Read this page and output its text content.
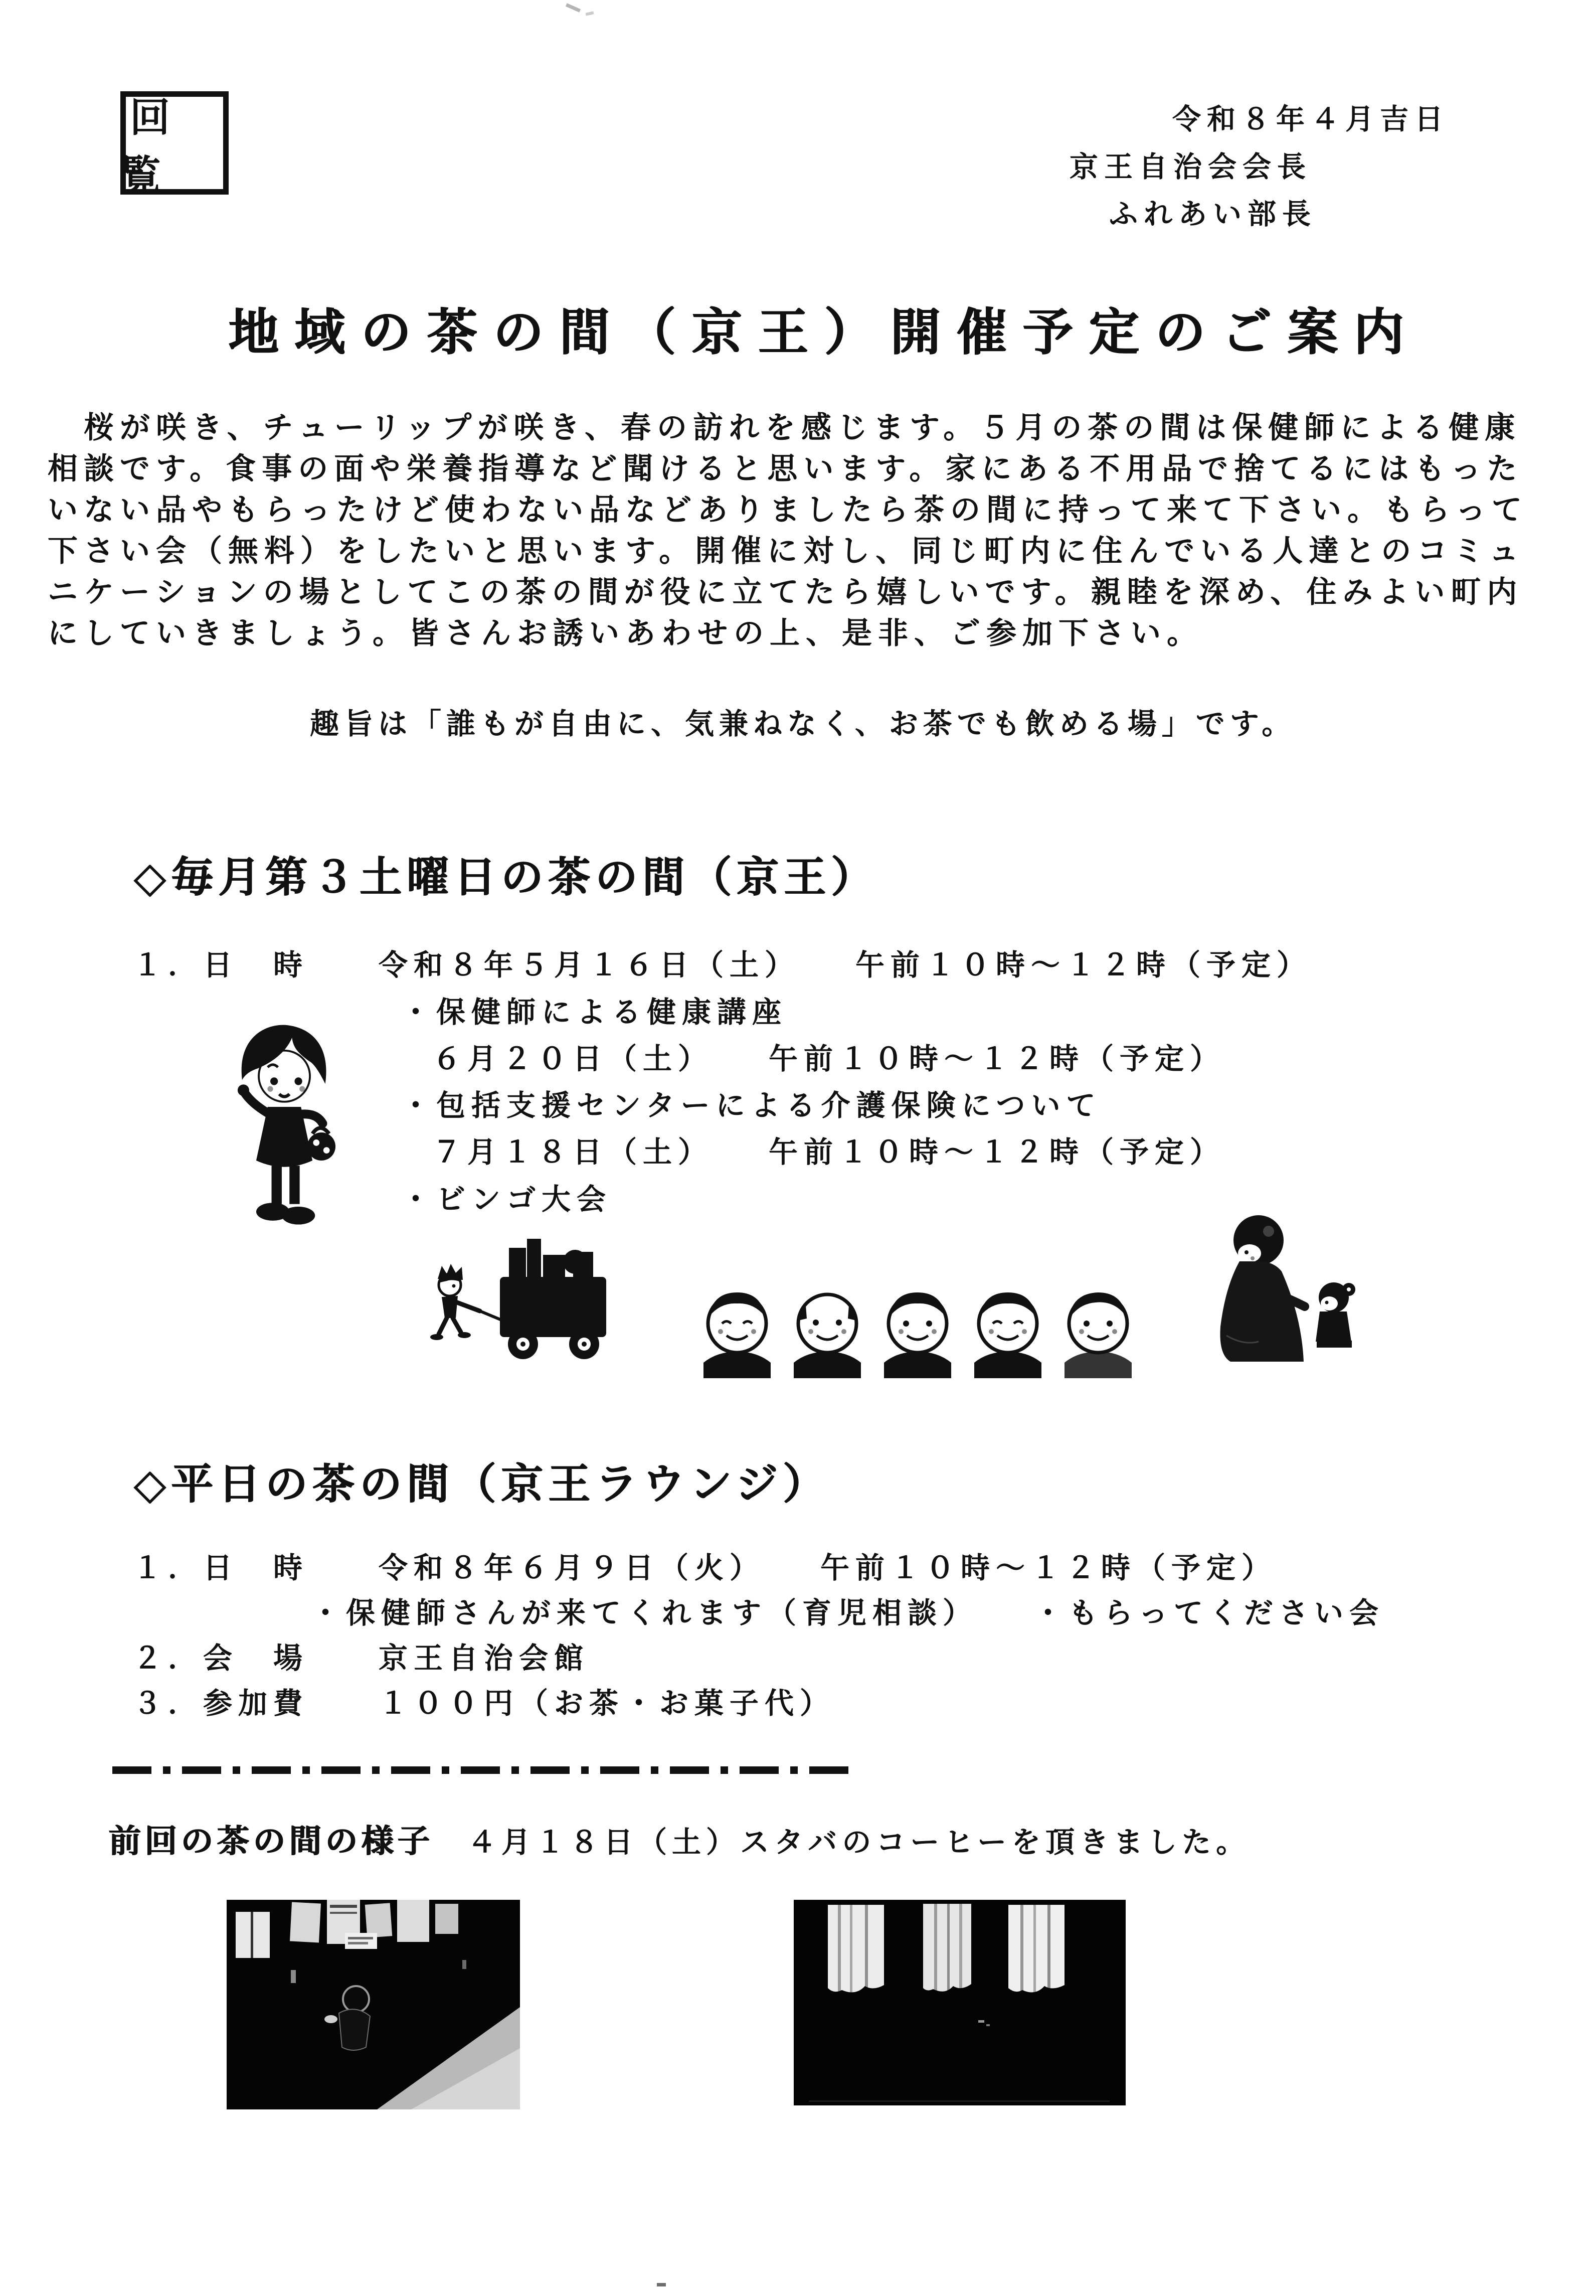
回　覧
令和８年４月吉日
京王自治会会長
ふれあい部長
地域の茶の間（京王）開催予定のご案内
　桜が咲き、チューリップが咲き、春の訪れを感じます。５月の茶の間は保健師による健康
相談です。食事の面や栄養指導など聞けると思います。家にある不用品で捨てるにはもった
いない品やもらったけど使わない品などありましたら茶の間に持って来て下さい。もらって
下さい会（無料）をしたいと思います。開催に対し、同じ町内に住んでいる人達とのコミュ
ニケーションの場としてこの茶の間が役に立てたら嬉しいです。親睦を深め、住みよい町内
にしていきましょう。皆さんお誘いあわせの上、是非、ご参加下さい。
趣旨は「誰もが自由に、気兼ねなく、お茶でも飲める場」です。
◇毎月第３土曜日の茶の間（京王）
１．日　時　　令和８年５月１６日（土）　　午前１０時〜１２時（予定）
・保健師による健康講座
６月２０日（土）　　午前１０時〜１２時（予定）
・包括支援センターによる介護保険について
７月１８日（土）　　午前１０時〜１２時（予定）
・ビンゴ大会
◇平日の茶の間（京王ラウンジ）
１．日　時　　令和８年６月９日（火）　　午前１０時〜１２時（予定）
・保健師さんが来てくれます（育児相談）　　・もらってください会
２．会　場　　京王自治会館
３．参加費　　１００円（お茶・お菓子代）
前回の茶の間の様子　４月１８日（土）スタバのコーヒーを頂きました。
